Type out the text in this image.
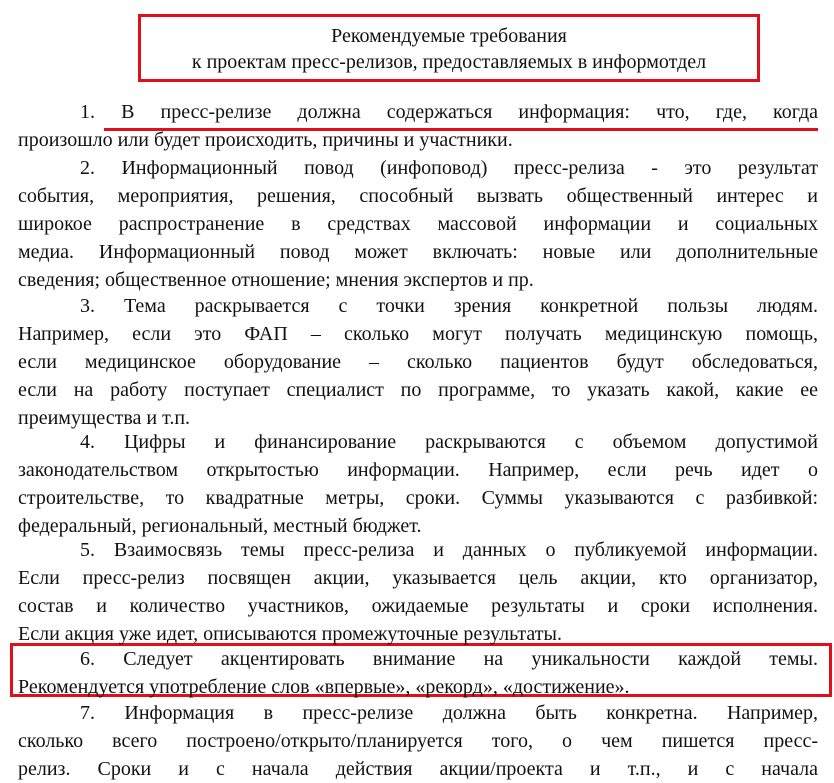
Рекомендуемые требования
к проектам пресс-релизов, предоставляемых в информотдел
1. В пресс-релизе должна содержаться информация: что, где, когда
произошло или будет происходить, причины и участники.
2. Информационный повод (инфоповод) пресс-релиза - это результат
события, мероприятия, решения, способный вызвать общественный интерес и
широкое распространение в средствах массовой информации и социальных
медиа. Информационный повод может включать: новые или дополнительные
сведения; общественное отношение; мнения экспертов и пр.
3. Тема раскрывается с точки зрения конкретной пользы людям.
Например, если это ФАП – сколько могут получать медицинскую помощь,
если медицинское оборудование – сколько пациентов будут обследоваться,
если на работу поступает специалист по программе, то указать какой, какие ее
преимущества и т.п.
4. Цифры и финансирование раскрываются с объемом допустимой
законодательством открытостью информации. Например, если речь идет о
строительстве, то квадратные метры, сроки. Суммы указываются с разбивкой:
федеральный, региональный, местный бюджет.
5. Взаимосвязь темы пресс-релиза и данных о публикуемой информации.
Если пресс-релиз посвящен акции, указывается цель акции, кто организатор,
состав и количество участников, ожидаемые результаты и сроки исполнения.
Если акция уже идет, описываются промежуточные результаты.
6. Следует акцентировать внимание на уникальности каждой темы.
Рекомендуется употребление слов «впервые», «рекорд», «достижение».
7. Информация в пресс-релизе должна быть конкретна. Например,
сколько всего построено/открыто/планируется того, о чем пишется пресс-
релиз. Сроки и с начала действия акции/проекта и т.п., и с начала
